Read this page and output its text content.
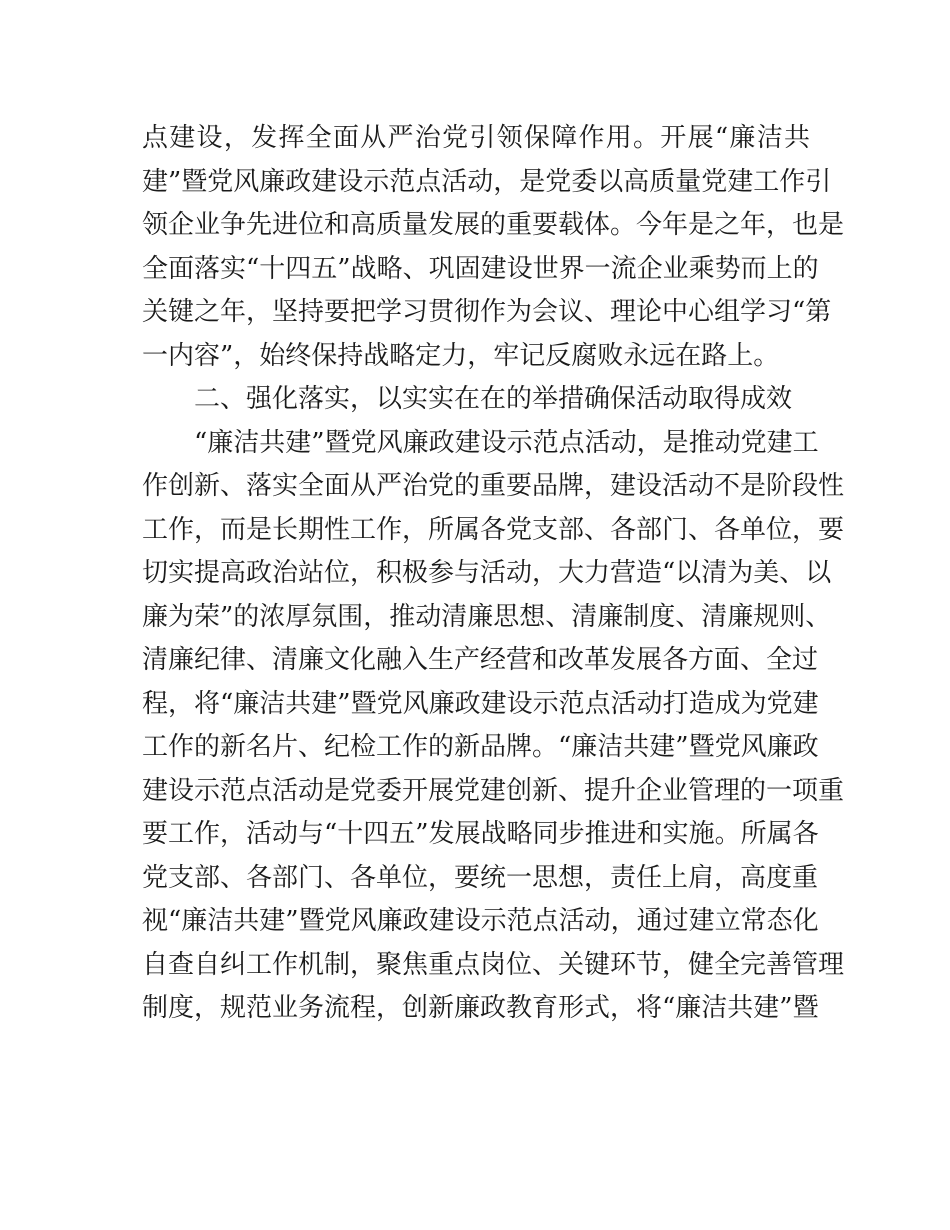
点建设，发挥全面从严治党引领保障作用。开展“廉洁共
建”暨党风廉政建设示范点活动，是党委以高质量党建工作引
领企业争先进位和高质量发展的重要载体。今年是之年，也是
全面落实“十四五”战略、巩固建设世界一流企业乘势而上的
关键之年，坚持要把学习贯彻作为会议、理论中心组学习“第
一内容”，始终保持战略定力，牢记反腐败永远在路上。
二、强化落实，以实实在在的举措确保活动取得成效
“廉洁共建”暨党风廉政建设示范点活动，是推动党建工
作创新、落实全面从严治党的重要品牌，建设活动不是阶段性
工作，而是长期性工作，所属各党支部、各部门、各单位，要
切实提高政治站位，积极参与活动，大力营造“以清为美、以
廉为荣”的浓厚氛围，推动清廉思想、清廉制度、清廉规则、
清廉纪律、清廉文化融入生产经营和改革发展各方面、全过
程，将“廉洁共建”暨党风廉政建设示范点活动打造成为党建
工作的新名片、纪检工作的新品牌。“廉洁共建”暨党风廉政
建设示范点活动是党委开展党建创新、提升企业管理的一项重
要工作，活动与“十四五”发展战略同步推进和实施。所属各
党支部、各部门、各单位，要统一思想，责任上肩，高度重
视“廉洁共建”暨党风廉政建设示范点活动，通过建立常态化
自查自纠工作机制，聚焦重点岗位、关键环节，健全完善管理
制度，规范业务流程，创新廉政教育形式，将“廉洁共建”暨
